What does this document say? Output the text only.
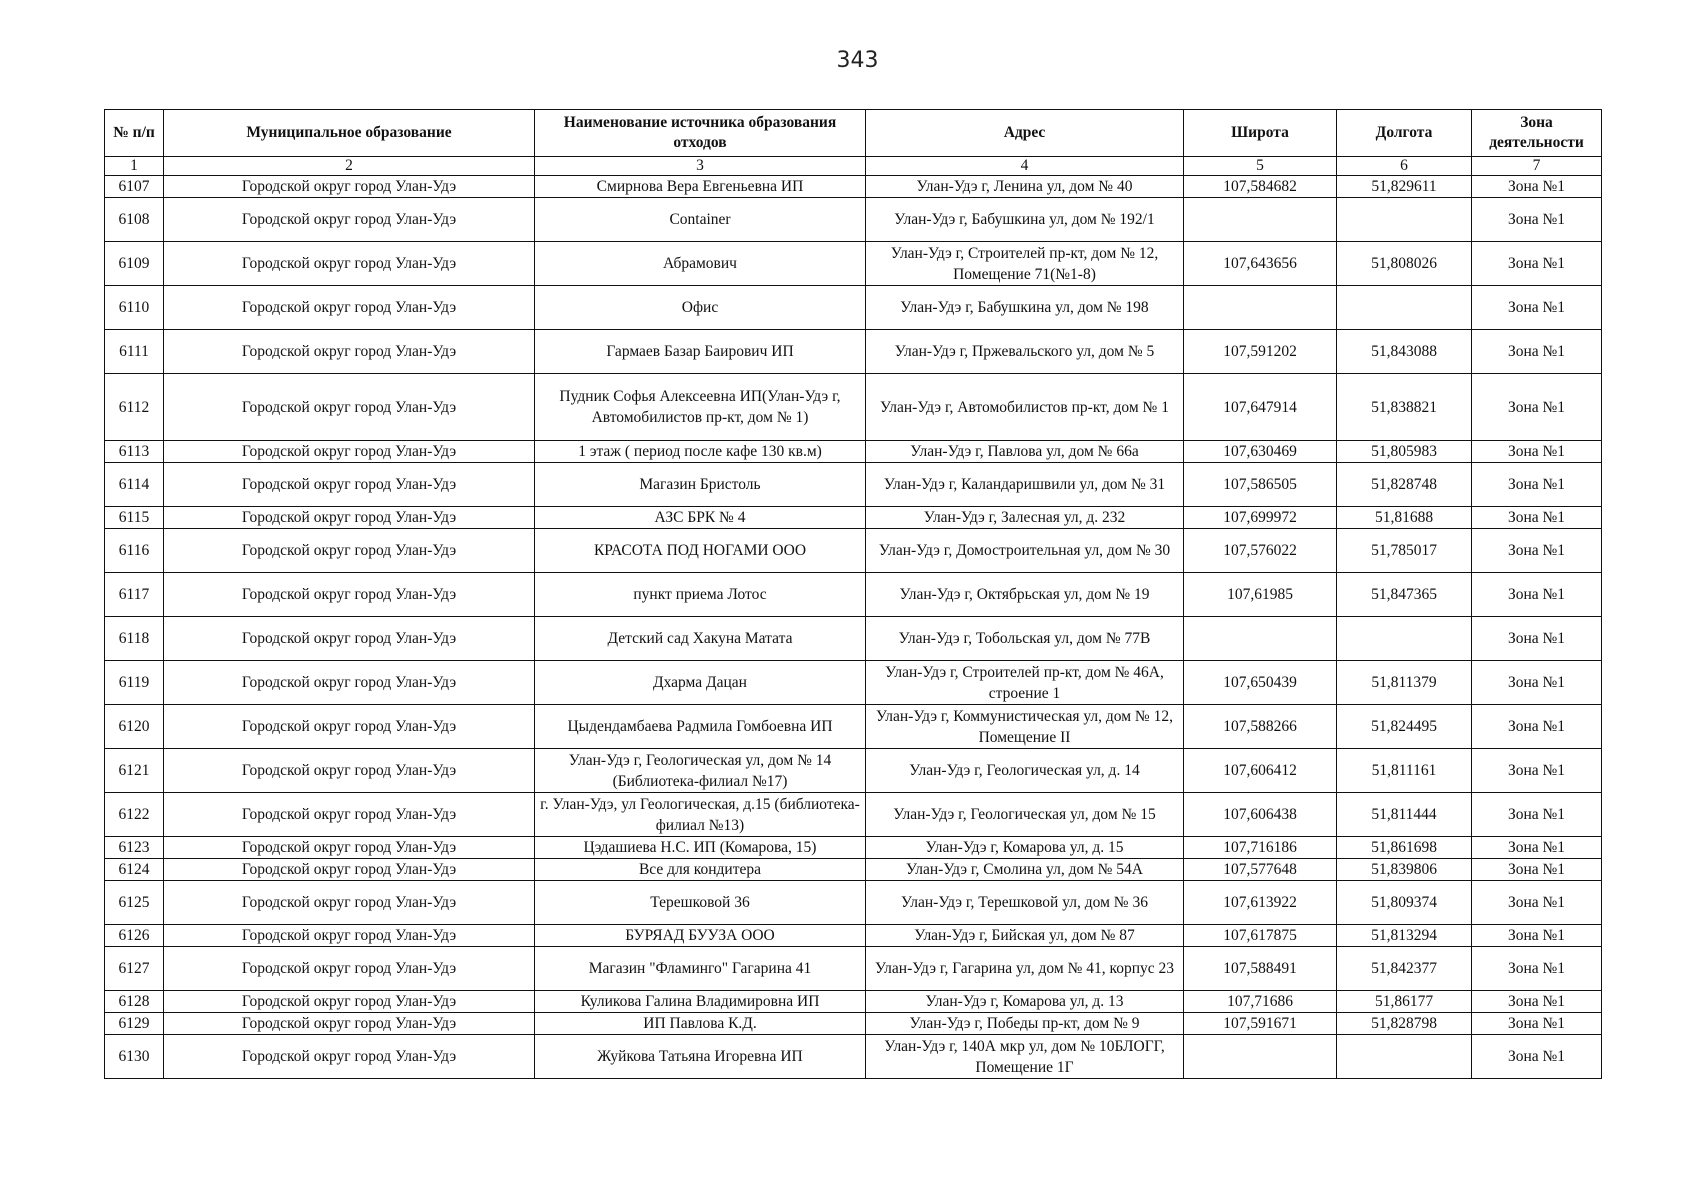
343
№ п/п	Муниципальное образование	Наименование источника образования отходов	Адрес	Широта	Долгота	Зона деятельности
1	2	3	4	5	6	7
6107	Городской округ город Улан-Удэ	Смирнова Вера Евгеньевна ИП	Улан-Удэ г, Ленина ул, дом № 40	107,584682	51,829611	Зона №1
6108	Городской округ город Улан-Удэ	Container	Улан-Удэ г, Бабушкина ул, дом № 192/1			Зона №1
6109	Городской округ город Улан-Удэ	Абрамович	Улан-Удэ г, Строителей пр-кт, дом № 12, Помещение 71(№1-8)	107,643656	51,808026	Зона №1
6110	Городской округ город Улан-Удэ	Офис	Улан-Удэ г, Бабушкина ул, дом № 198			Зона №1
6111	Городской округ город Улан-Удэ	Гармаев Базар Баирович ИП	Улан-Удэ г, Пржевальского ул, дом № 5	107,591202	51,843088	Зона №1
6112	Городской округ город Улан-Удэ	Пудник Софья Алексеевна ИП(Улан-Удэ г, Автомобилистов пр-кт, дом № 1)	Улан-Удэ г, Автомобилистов пр-кт, дом № 1	107,647914	51,838821	Зона №1
6113	Городской округ город Улан-Удэ	1 этаж ( период после кафе 130 кв.м)	Улан-Удэ г, Павлова ул, дом № 66а	107,630469	51,805983	Зона №1
6114	Городской округ город Улан-Удэ	Магазин Бристоль	Улан-Удэ г, Каландаришвили ул, дом № 31	107,586505	51,828748	Зона №1
6115	Городской округ город Улан-Удэ	АЗС БРК № 4	Улан-Удэ г, Залесная ул, д. 232	107,699972	51,81688	Зона №1
6116	Городской округ город Улан-Удэ	КРАСОТА ПОД НОГАМИ ООО	Улан-Удэ г, Домостроительная ул, дом № 30	107,576022	51,785017	Зона №1
6117	Городской округ город Улан-Удэ	пункт приема Лотос	Улан-Удэ г, Октябрьская ул, дом № 19	107,61985	51,847365	Зона №1
6118	Городской округ город Улан-Удэ	Детский сад Хакуна Матата	Улан-Удэ г, Тобольская ул, дом № 77В			Зона №1
6119	Городской округ город Улан-Удэ	Дхарма Дацан	Улан-Удэ г, Строителей пр-кт, дом № 46А, строение 1	107,650439	51,811379	Зона №1
6120	Городской округ город Улан-Удэ	Цыдендамбаева Радмила Гомбоевна ИП	Улан-Удэ г, Коммунистическая ул, дом № 12, Помещение II	107,588266	51,824495	Зона №1
6121	Городской округ город Улан-Удэ	Улан-Удэ г, Геологическая ул, дом № 14 (Библиотека-филиал №17)	Улан-Удэ г, Геологическая ул, д. 14	107,606412	51,811161	Зона №1
6122	Городской округ город Улан-Удэ	г. Улан-Удэ, ул Геологическая, д.15 (библиотека-филиал №13)	Улан-Удэ г, Геологическая ул, дом № 15	107,606438	51,811444	Зона №1
6123	Городской округ город Улан-Удэ	Цэдашиева Н.С. ИП (Комарова, 15)	Улан-Удэ г, Комарова ул, д. 15	107,716186	51,861698	Зона №1
6124	Городской округ город Улан-Удэ	Все для кондитера	Улан-Удэ г, Смолина ул, дом № 54А	107,577648	51,839806	Зона №1
6125	Городской округ город Улан-Удэ	Терешковой 36	Улан-Удэ г, Терешковой ул, дом № 36	107,613922	51,809374	Зона №1
6126	Городской округ город Улан-Удэ	БУРЯАД БУУЗА ООО	Улан-Удэ г, Бийская ул, дом № 87	107,617875	51,813294	Зона №1
6127	Городской округ город Улан-Удэ	Магазин "Фламинго" Гагарина 41	Улан-Удэ г, Гагарина ул, дом № 41, корпус 23	107,588491	51,842377	Зона №1
6128	Городской округ город Улан-Удэ	Куликова Галина Владимировна ИП	Улан-Удэ г, Комарова ул, д. 13	107,71686	51,86177	Зона №1
6129	Городской округ город Улан-Удэ	ИП Павлова К.Д.	Улан-Удэ г, Победы пр-кт, дом № 9	107,591671	51,828798	Зона №1
6130	Городской округ город Улан-Удэ	Жуйкова Татьяна Игоревна ИП	Улан-Удэ г, 140А мкр ул, дом № 10БЛОГГ, Помещение 1Г			Зона №1
